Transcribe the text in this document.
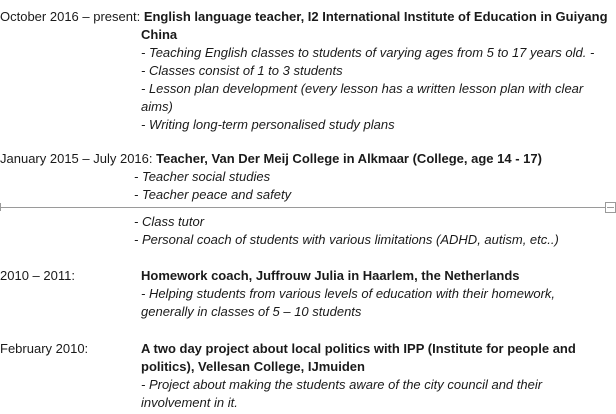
October 2016 – present: English language teacher, I2 International Institute of Education in Guiyang
China
- Teaching English classes to students of varying ages from 5 to 17 years old. -
- Classes consist of 1 to 3 students
- Lesson plan development (every lesson has a written lesson plan with clear
aims)
- Writing long-term personalised study plans
January 2015 – July 2016: Teacher, Van Der Meij College in Alkmaar (College, age 14 - 17)
- Teacher social studies
- Teacher peace and safety
- Class tutor
- Personal coach of students with various limitations (ADHD, autism, etc..)
2010 – 2011:	Homework coach, Juffrouw Julia in Haarlem, the Netherlands
- Helping students from various levels of education with their homework,
generally in classes of 5 – 10 students
February 2010:	A two day project about local politics with IPP (Institute for people and
politics), Vellesan College, IJmuiden
- Project about making the students aware of the city council and their
involvement in it.
